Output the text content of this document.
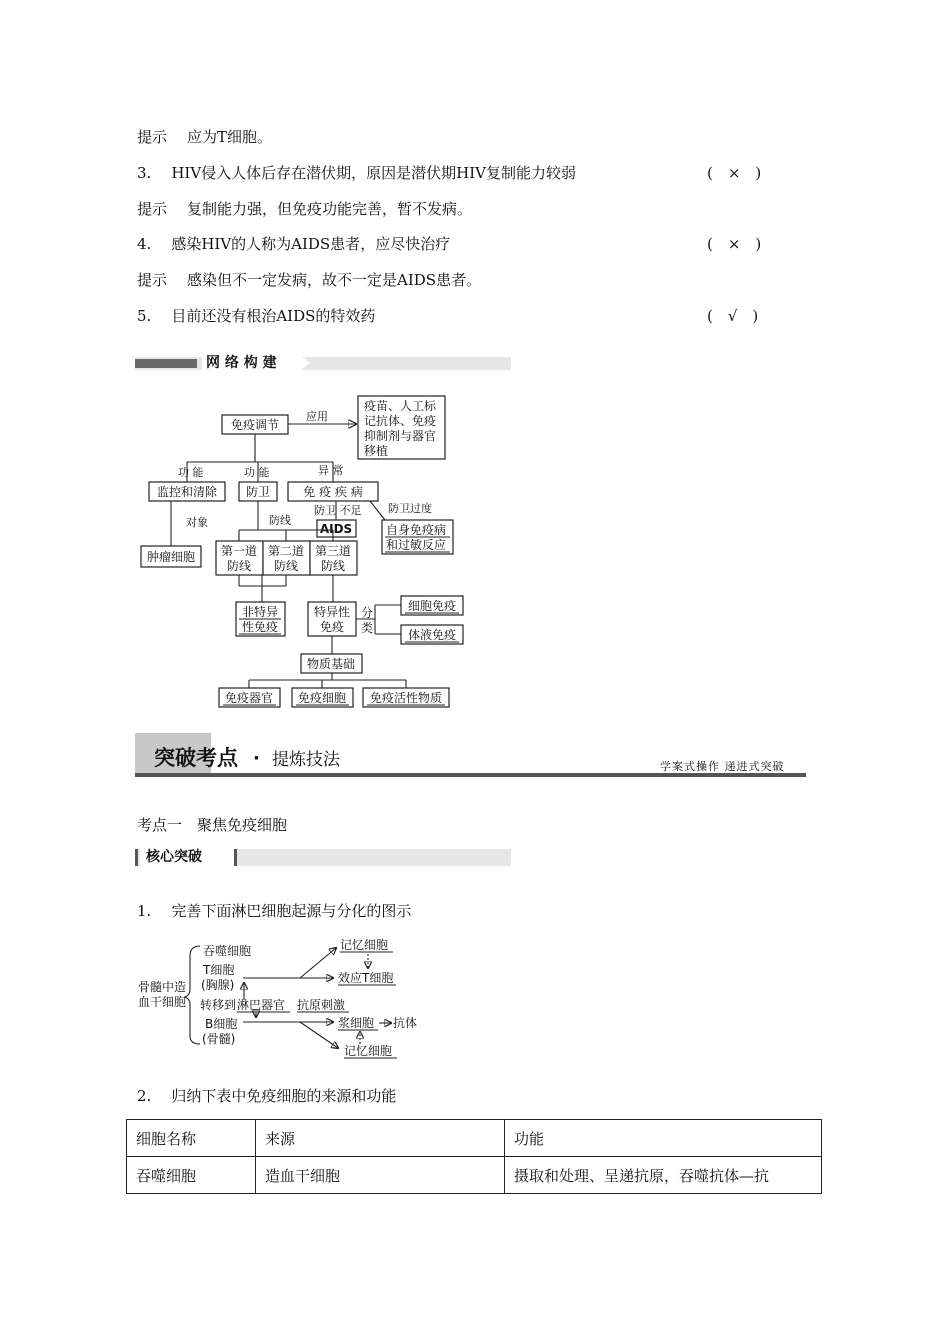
提示 应为T细胞。
3. HIV侵入人体后存在潜伏期，原因是潜伏期HIV复制能力较弱	(　×　)
提示 复制能力强，但免疫功能完善，暂不发病。
4. 感染HIV的人称为AIDS患者，应尽快治疗	(　×　)
提示 感染但不一定发病，故不一定是AIDS患者。
5. 目前还没有根治AIDS的特效药	(　√　)
网 络 构 建
免疫调节
疫苗、人工标
记抗体、免疫
抑制剂与器官
移植
监控和清除 防卫	免 疫 疾 病
肿瘤细胞
AIDS	自身免疫病
和过敏反应
第一道
防线
第二道
防线
第三道
防线
非特异
性免疫
特异性
免疫
分
类
细胞免疫
体液免疫
物质基础
免疫器官 免疫细胞 免疫活性物质
应用
功 能	功 能	异 常
对象	防线
防卫 不足 防卫过度
突破考点 · 提炼技法	学案式操作 递进式突破
考点一　聚焦免疫细胞
核心突破
1. 完善下面淋巴细胞起源与分化的图示
骨髓中造
血干细胞
吞噬细胞
T细胞
(胸腺)
转移到 淋巴器官 抗原刺激
B细胞
(骨髓)
记忆细胞
效应T细胞
浆细胞 抗体
记忆细胞
2. 归纳下表中免疫细胞的来源和功能
细胞名称	来源	功能
吞噬细胞	造血干细胞	摄取和处理、呈递抗原，吞噬抗体—抗
